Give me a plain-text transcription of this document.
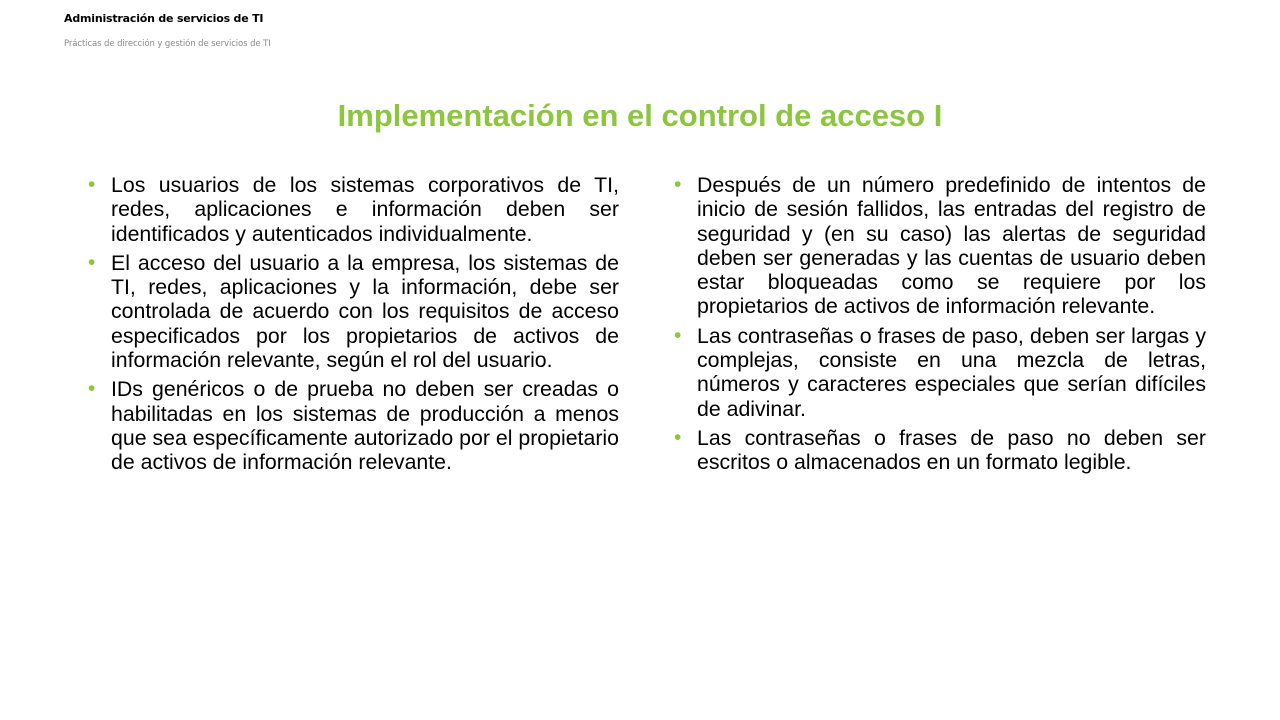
Administración de servicios de TI
Prácticas de dirección y gestión de servicios de TI
Implementación en el control de acceso I
• Los usuarios de los sistemas corporativos de TI, redes, aplicaciones e información deben ser identificados y autenticados individualmente.
• El acceso del usuario a la empresa, los sistemas de TI, redes, aplicaciones y la información, debe ser controlada de acuerdo con los requisitos de acceso especificados por los propietarios de activos de información relevante, según el rol del usuario.
• IDs genéricos o de prueba no deben ser creadas o habilitadas en los sistemas de producción a menos que sea específicamente autorizado por el propietario de activos de información relevante.
• Después de un número predefinido de intentos de inicio de sesión fallidos, las entradas del registro de seguridad y (en su caso) las alertas de seguridad deben ser generadas y las cuentas de usuario deben estar bloqueadas como se requiere por los propietarios de activos de información relevante.
• Las contraseñas o frases de paso, deben ser largas y complejas, consiste en una mezcla de letras, números y caracteres especiales que serían difíciles de adivinar.
• Las contraseñas o frases de paso no deben ser escritos o almacenados en un formato legible.
